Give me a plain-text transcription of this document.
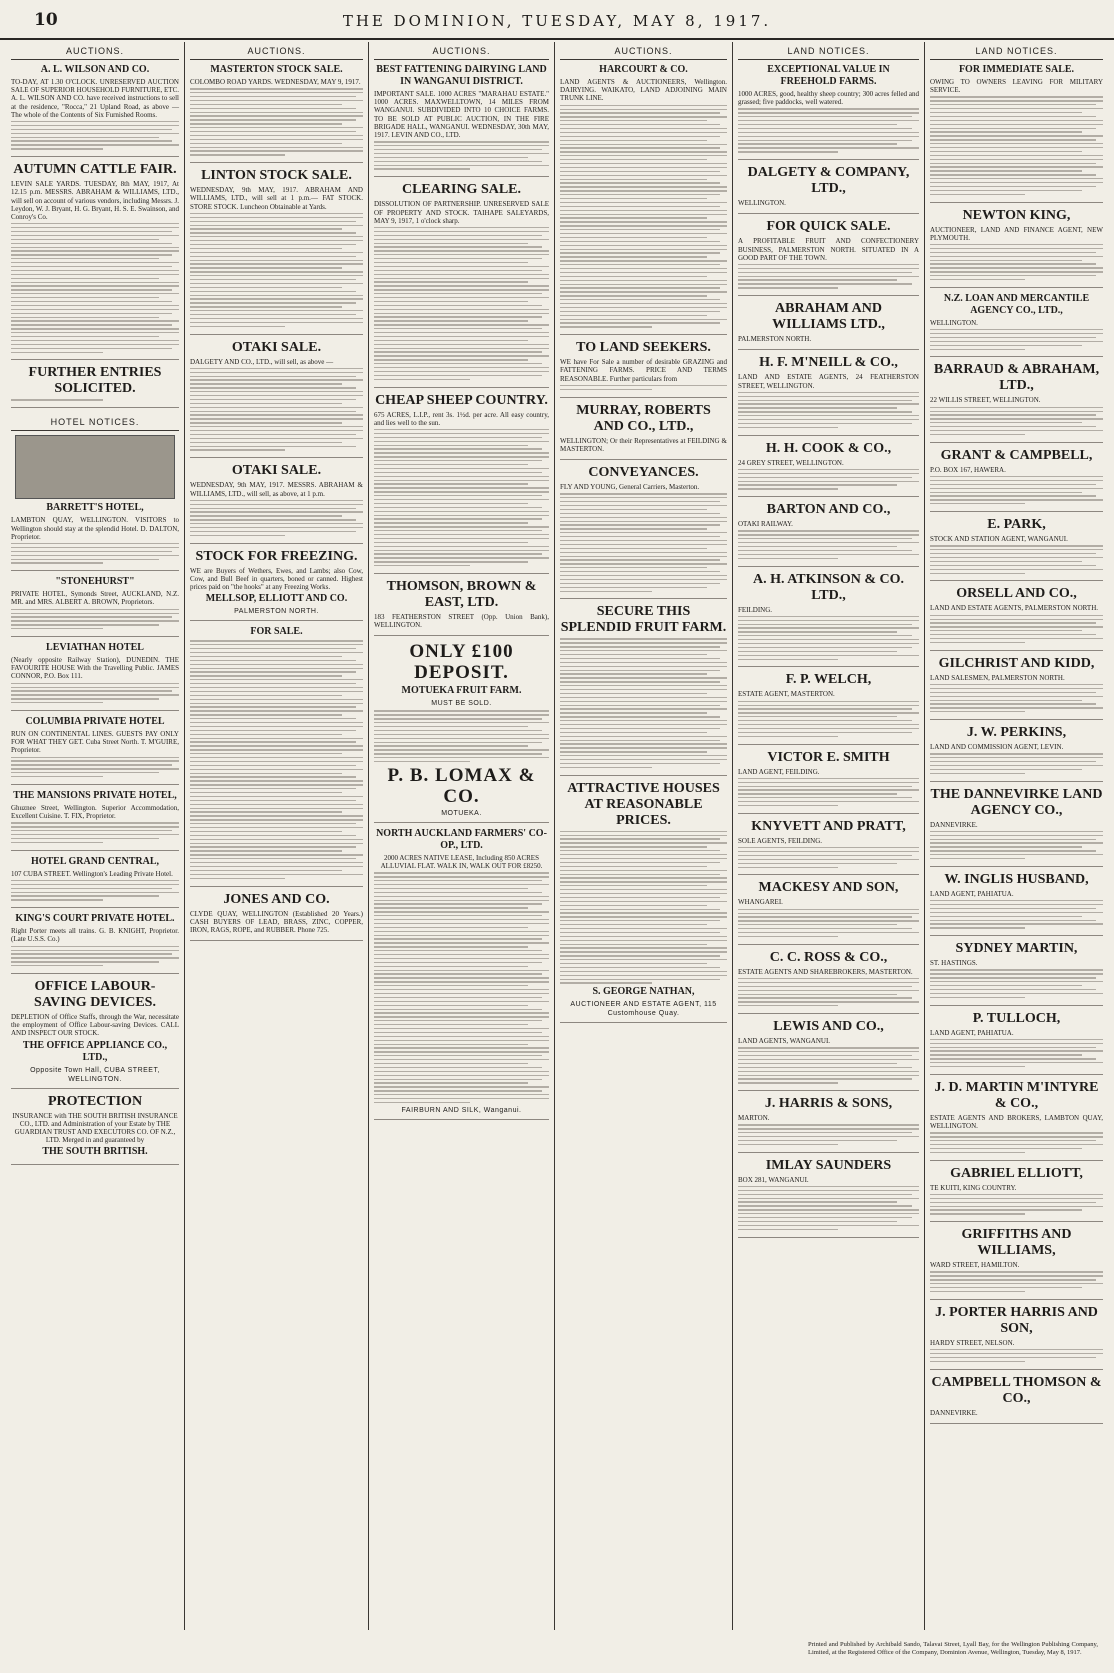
10	THE DOMINION, TUESDAY, MAY 8, 1917.
AUCTIONS.
A. L. WILSON AND CO.
TO-DAY, AT 1.30 O'CLOCK. UNRESERVED AUCTION SALE OF SUPERIOR HOUSEHOLD FURNITURE, ETC. A. L. WILSON AND CO. have received instructions to sell at the residence, "Rocca," 21 Upland Road, as above — The whole of the Contents of Six Furnished Rooms.
AUTUMN CATTLE FAIR.
LEVIN SALE YARDS. TUESDAY, 8th MAY, 1917, At 12.15 p.m. MESSRS. ABRAHAM & WILLIAMS, LTD., will sell on account of various vendors, including Messrs. J. Leydon, W. J. Bryant, H. G. Bryant, H. S. E. Swainson, and Conroy's Co.
FURTHER ENTRIES SOLICITED.
HOTEL NOTICES.
BARRETT'S HOTEL,
LAMBTON QUAY, WELLINGTON. VISITORS to Wellington should stay at the splendid Hotel. D. DALTON, Proprietor.
"STONEHURST"
PRIVATE HOTEL, Symonds Street, AUCKLAND, N.Z. MR. and MRS. ALBERT A. BROWN, Proprietors.
LEVIATHAN HOTEL
(Nearly opposite Railway Station), DUNEDIN. THE FAVOURITE HOUSE With the Travelling Public. JAMES CONNOR, P.O. Box 111.
COLUMBIA PRIVATE HOTEL
RUN ON CONTINENTAL LINES. GUESTS PAY ONLY FOR WHAT THEY GET. Cuba Street North. T. M'GUIRE, Proprietor.
THE MANSIONS PRIVATE HOTEL,
Ghuznee Street, Wellington. Superior Accommodation, Excellent Cuisine. T. FIX, Proprietor.
HOTEL GRAND CENTRAL,
107 CUBA STREET. Wellington's Leading Private Hotel.
KING'S COURT PRIVATE HOTEL.
Right Porter meets all trains. G. B. KNIGHT, Proprietor. (Late U.S.S. Co.)
OFFICE LABOUR-SAVING DEVICES.
DEPLETION of Office Staffs, through the War, necessitate the employment of Office Labour-saving Devices. CALL AND INSPECT OUR STOCK.
THE OFFICE APPLIANCE CO., LTD.,
Opposite Town Hall, CUBA STREET, WELLINGTON.
PROTECTION
INSURANCE with THE SOUTH BRITISH INSURANCE CO., LTD. and Administration of your Estate by THE GUARDIAN TRUST AND EXECUTORS CO. OF N.Z., LTD. Merged in and guaranteed by
THE SOUTH BRITISH.
AUCTIONS.
MASTERTON STOCK SALE.
COLOMBO ROAD YARDS. WEDNESDAY, MAY 9, 1917.
LINTON STOCK SALE.
WEDNESDAY, 9th MAY, 1917. ABRAHAM AND WILLIAMS, LTD., will sell at 1 p.m.— FAT STOCK. STORE STOCK. Luncheon Obtainable at Yards.
OTAKI SALE.
DALGETY AND CO., LTD., will sell, as above —
OTAKI SALE.
WEDNESDAY, 9th MAY, 1917. MESSRS. ABRAHAM & WILLIAMS, LTD., will sell, as above, at 1 p.m.
STOCK FOR FREEZING.
WE are Buyers of Wethers, Ewes, and Lambs; also Cow, Cow, and Bull Beef in quarters, boned or canned. Highest prices paid on "the hooks" at any Freezing Works.
MELLSOP, ELLIOTT AND CO.
PALMERSTON NORTH.
FOR SALE.
JONES AND CO.
CLYDE QUAY, WELLINGTON (Established 20 Years.) CASH BUYERS OF LEAD, BRASS, ZINC, COPPER, IRON, RAGS, ROPE, and RUBBER. Phone 725.
AUCTIONS.
BEST FATTENING DAIRYING LAND IN WANGANUI DISTRICT.
IMPORTANT SALE. 1000 ACRES "MARAHAU ESTATE." 1000 ACRES. MAXWELLTOWN, 14 MILES FROM WANGANUI. SUBDIVIDED INTO 10 CHOICE FARMS. TO BE SOLD AT PUBLIC AUCTION, IN THE FIRE BRIGADE HALL, WANGANUI. WEDNESDAY, 30th MAY, 1917. LEVIN AND CO., LTD.
CLEARING SALE.
DISSOLUTION OF PARTNERSHIP. UNRESERVED SALE OF PROPERTY AND STOCK. TAIHAPE SALEYARDS, MAY 9, 1917, 1 o'clock sharp.
CHEAP SHEEP COUNTRY.
675 ACRES, L.I.P., rent 3s. 1½d. per acre. All easy country, and lies well to the sun.
THOMSON, BROWN & EAST, LTD.
183 FEATHERSTON STREET (Opp. Union Bank), WELLINGTON.
ONLY £100 DEPOSIT.
MOTUEKA FRUIT FARM.
MUST BE SOLD.
P. B. LOMAX & CO.
MOTUEKA.
NORTH AUCKLAND FARMERS' CO-OP., LTD.
2000 ACRES NATIVE LEASE, Including 850 ACRES ALLUVIAL FLAT. WALK IN, WALK OUT FOR £8250.
FAIRBURN AND SILK, Wanganui.
AUCTIONS.
HARCOURT & CO.
LAND AGENTS & AUCTIONEERS, Wellington. DAIRYING. WAIKATO, LAND ADJOINING MAIN TRUNK LINE.
TO LAND SEEKERS.
WE have For Sale a number of desirable GRAZING and FATTENING FARMS. PRICE AND TERMS REASONABLE. Further particulars from
MURRAY, ROBERTS AND CO., LTD.,
WELLINGTON; Or their Representatives at FEILDING & MASTERTON.
CONVEYANCES.
FLY AND YOUNG, General Carriers, Masterton.
SECURE THIS SPLENDID FRUIT FARM.
ATTRACTIVE HOUSES AT REASONABLE PRICES.
S. GEORGE NATHAN,
AUCTIONEER AND ESTATE AGENT, 115 Customhouse Quay.
LAND NOTICES.
EXCEPTIONAL VALUE IN FREEHOLD FARMS.
1000 ACRES, good, healthy sheep country; 300 acres felled and grassed; five paddocks, well watered.
DALGETY & COMPANY, LTD.,
WELLINGTON.
FOR QUICK SALE.
A PROFITABLE FRUIT AND CONFECTIONERY BUSINESS, PALMERSTON NORTH. SITUATED IN A GOOD PART OF THE TOWN.
ABRAHAM AND WILLIAMS LTD.,
PALMERSTON NORTH.
H. F. M'NEILL & CO.,
LAND AND ESTATE AGENTS, 24 FEATHERSTON STREET, WELLINGTON.
H. H. COOK & CO.,
24 GREY STREET, WELLINGTON.
BARTON AND CO.,
OTAKI RAILWAY.
A. H. ATKINSON & CO. LTD.,
FEILDING.
F. P. WELCH,
ESTATE AGENT, MASTERTON.
VICTOR E. SMITH
LAND AGENT, FEILDING.
KNYVETT AND PRATT,
SOLE AGENTS, FEILDING.
MACKESY AND SON,
WHANGAREI.
C. C. ROSS & CO.,
ESTATE AGENTS AND SHAREBROKERS, MASTERTON.
LEWIS AND CO.,
LAND AGENTS, WANGANUI.
J. HARRIS & SONS,
MARTON.
IMLAY SAUNDERS
BOX 281, WANGANUI.
LAND NOTICES.
FOR IMMEDIATE SALE.
OWING TO OWNERS LEAVING FOR MILITARY SERVICE.
NEWTON KING,
AUCTIONEER, LAND AND FINANCE AGENT, NEW PLYMOUTH.
N.Z. LOAN AND MERCANTILE AGENCY CO., LTD.,
WELLINGTON.
BARRAUD & ABRAHAM, LTD.,
22 WILLIS STREET, WELLINGTON.
GRANT & CAMPBELL,
P.O. BOX 167, HAWERA.
E. PARK,
STOCK AND STATION AGENT, WANGANUI.
ORSELL AND CO.,
LAND AND ESTATE AGENTS, PALMERSTON NORTH.
GILCHRIST AND KIDD,
LAND SALESMEN, PALMERSTON NORTH.
J. W. PERKINS,
LAND AND COMMISSION AGENT, LEVIN.
THE DANNEVIRKE LAND AGENCY CO.,
DANNEVIRKE.
W. INGLIS HUSBAND,
LAND AGENT, PAHIATUA.
SYDNEY MARTIN,
ST. HASTINGS.
P. TULLOCH,
LAND AGENT, PAHIATUA.
J. D. MARTIN M'INTYRE & CO.,
ESTATE AGENTS AND BROKERS, LAMBTON QUAY, WELLINGTON.
GABRIEL ELLIOTT,
TE KUITI, KING COUNTRY.
GRIFFITHS AND WILLIAMS,
WARD STREET, HAMILTON.
J. PORTER HARRIS AND SON,
HARDY STREET, NELSON.
CAMPBELL THOMSON & CO.,
DANNEVIRKE.
Printed and Published by Archibald Sando, Talavai Street, Lyall Bay, for the Wellington Publishing Company, Limited, at the Registered Office of the Company, Dominion Avenue, Wellington, Tuesday, May 8, 1917.
